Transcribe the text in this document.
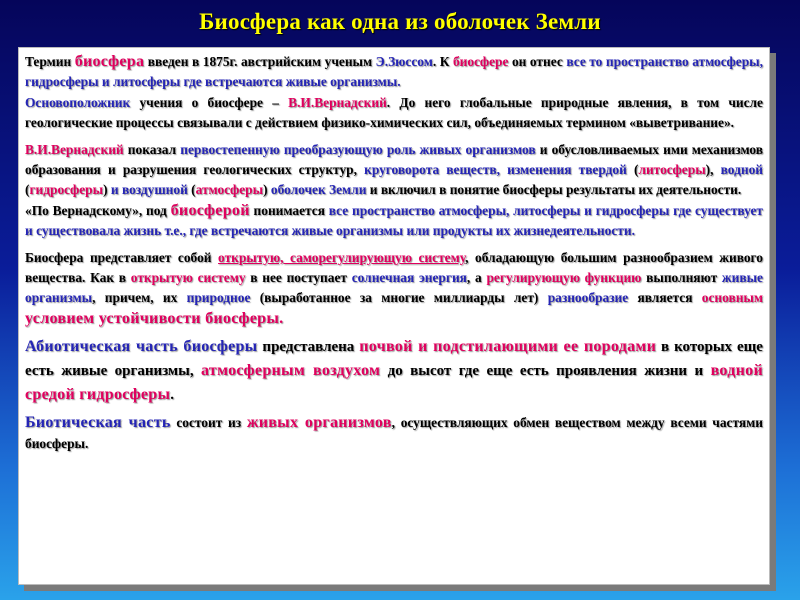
Биосфера как одна из оболочек Земли

Термин биосфера введен в 1875г. австрийским ученым Э.Зюссом. К биосфере он отнес все то пространство атмосферы, гидросферы и литосферы где встречаются живые организмы.

Основоположник учения о биосфере – В.И.Вернадский. До него глобальные природные явления, в том числе геологические процессы связывали с действием физико-химических сил, объединяемых термином «выветривание».

В.И.Вернадский показал первостепенную преобразующую роль живых организмов и обусловливаемых ими механизмов образования и разрушения геологических структур, круговорота веществ, изменения твердой (литосферы), водной (гидросферы) и воздушной (атмосферы) оболочек Земли и включил в понятие биосферы результаты их деятельности.

«По Вернадскому», под биосферой понимается все пространство атмосферы, литосферы и гидросферы где существует и существовала жизнь т.е., где встречаются живые организмы или продукты их жизнедеятельности.

Биосфера представляет собой открытую, саморегулирующую систему, обладающую большим разнообразием живого вещества. Как в открытую систему в нее поступает солнечная энергия, а регулирующую функцию выполняют живые организмы, причем, их природное (выработанное за многие миллиарды лет) разнообразие является основным условием устойчивости биосферы.

Абиотическая часть биосферы представлена почвой и подстилающими ее породами в которых еще есть живые организмы, атмосферным воздухом до высот где еще есть проявления жизни и водной средой гидросферы.

Биотическая часть состоит из живых организмов, осуществляющих обмен веществом между всеми частями биосферы.
